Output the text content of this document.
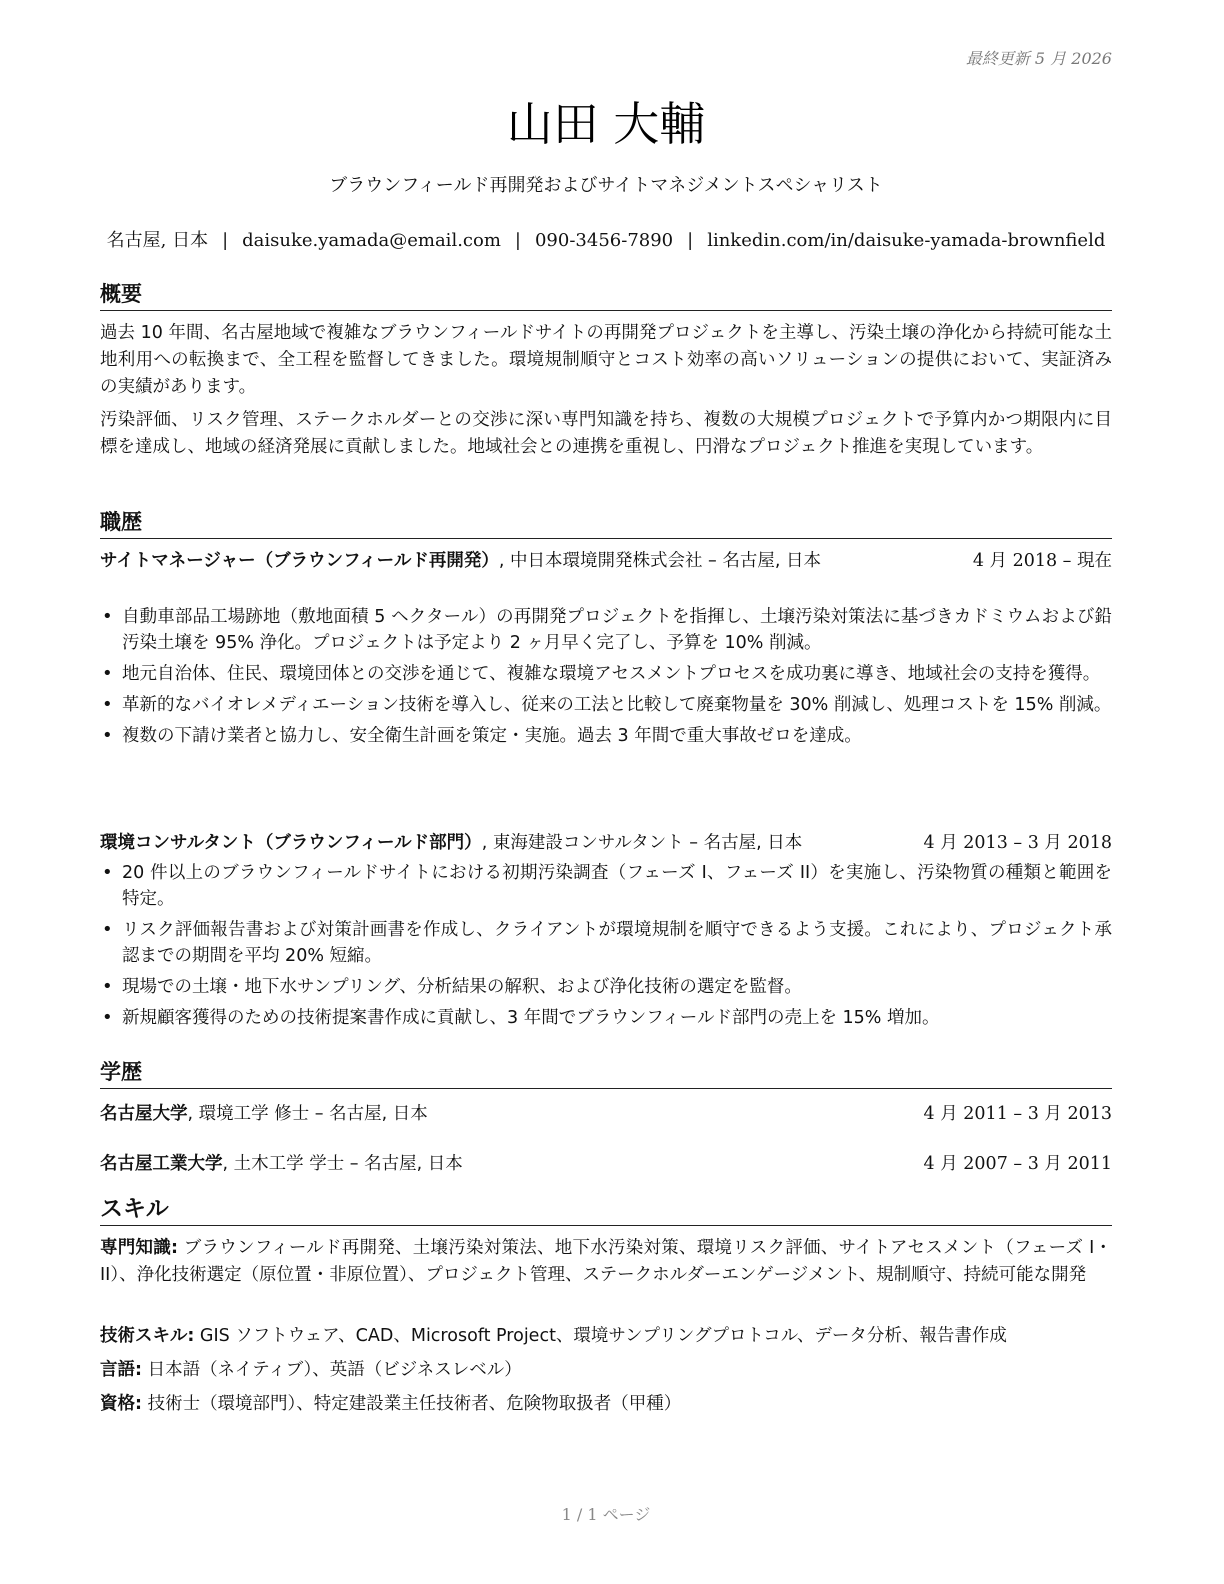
最終更新 5 月 2026
山田 大輔
ブラウンフィールド再開発およびサイトマネジメントスペシャリスト
名古屋, 日本 | daisuke.yamada@email.com | 090-3456-7890 | linkedin.com/in/daisuke-yamada-brownfield
概要

過去 10 年間、名古屋地域で複雑なブラウンフィールドサイトの再開発プロジェクトを主導し、汚染土壌の浄化から持続可能な土地利用への転換まで、全工程を監督してきました。環境規制順守とコスト効率の高いソリューションの提供において、実証済みの実績があります。

汚染評価、リスク管理、ステークホルダーとの交渉に深い専門知識を持ち、複数の大規模プロジェクトで予算内かつ期限内に目標を達成し、地域の経済発展に貢献しました。地域社会との連携を重視し、円滑なプロジェクト推進を実現しています。

職歴
サイトマネージャー（ブラウンフィールド再開発）, 中日本環境開発株式会社 – 名古屋, 日本	4 月 2018 – 現在
• 自動車部品工場跡地（敷地面積 5 ヘクタール）の再開発プロジェクトを指揮し、土壌汚染対策法に基づきカドミウムおよび鉛汚染土壌を 95% 浄化。プロジェクトは予定より 2 ヶ月早く完了し、予算を 10% 削減。
• 地元自治体、住民、環境団体との交渉を通じて、複雑な環境アセスメントプロセスを成功裏に導き、地域社会の支持を獲得。
• 革新的なバイオレメディエーション技術を導入し、従来の工法と比較して廃棄物量を 30% 削減し、処理コストを 15% 削減。
• 複数の下請け業者と協力し、安全衛生計画を策定・実施。過去 3 年間で重大事故ゼロを達成。
環境コンサルタント（ブラウンフィールド部門）, 東海建設コンサルタント – 名古屋, 日本	4 月 2013 – 3 月 2018
• 20 件以上のブラウンフィールドサイトにおける初期汚染調査（フェーズ I、フェーズ II）を実施し、汚染物質の種類と範囲を特定。
• リスク評価報告書および対策計画書を作成し、クライアントが環境規制を順守できるよう支援。これにより、プロジェクト承認までの期間を平均 20% 短縮。
• 現場での土壌・地下水サンプリング、分析結果の解釈、および浄化技術の選定を監督。
• 新規顧客獲得のための技術提案書作成に貢献し、3 年間でブラウンフィールド部門の売上を 15% 増加。
学歴
名古屋大学, 環境工学 修士 – 名古屋, 日本	4 月 2011 – 3 月 2013
名古屋工業大学, 土木工学 学士 – 名古屋, 日本	4 月 2007 – 3 月 2011
スキル
専門知識: ブラウンフィールド再開発、土壌汚染対策法、地下水汚染対策、環境リスク評価、サイトアセスメント（フェーズ I・II）、浄化技術選定（原位置・非原位置）、プロジェクト管理、ステークホルダーエンゲージメント、規制順守、持続可能な開発
技術スキル: GIS ソフトウェア、CAD、Microsoft Project、環境サンプリングプロトコル、データ分析、報告書作成
言語: 日本語（ネイティブ）、英語（ビジネスレベル）
資格: 技術士（環境部門）、特定建設業主任技術者、危険物取扱者（甲種）
1 / 1 ページ
